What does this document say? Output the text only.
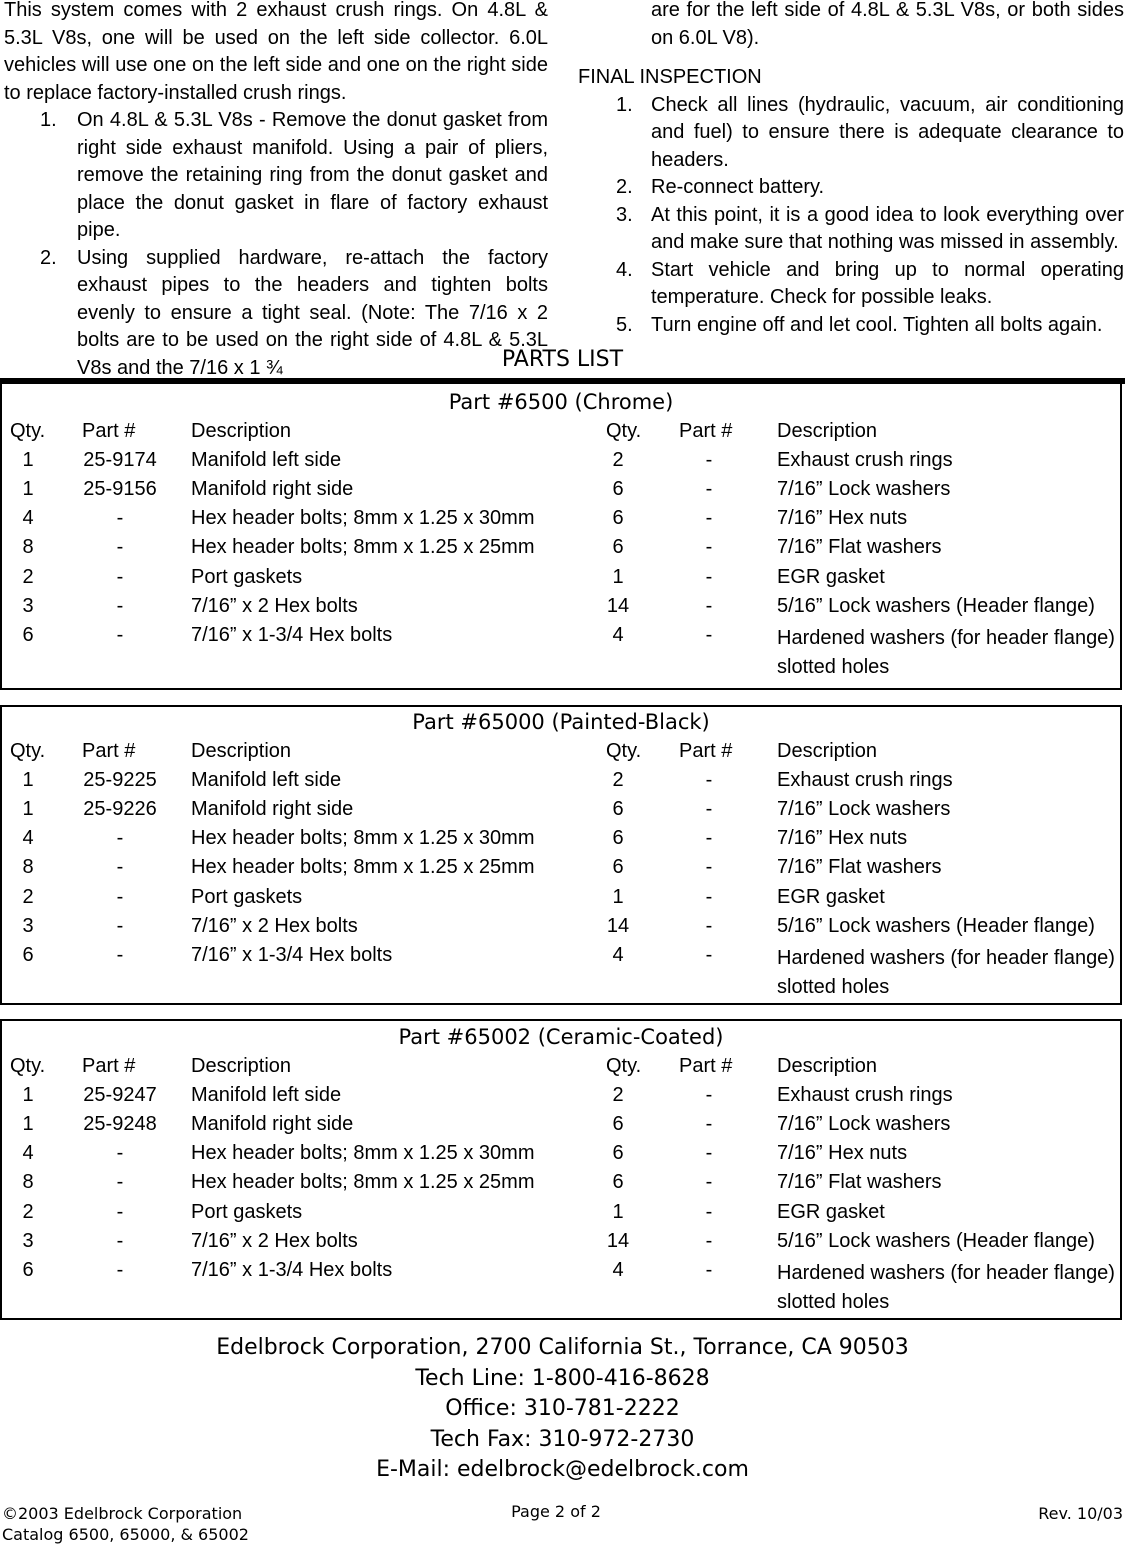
This system comes with 2 exhaust crush rings. On 4.8L & 5.3L V8s, one will be used on the left side collector. 6.0L vehicles will use one on the left side and one on the right side to replace factory-installed crush rings.

1. On 4.8L & 5.3L V8s - Remove the donut gasket from right side exhaust manifold. Using a pair of pliers, remove the retaining ring from the donut gasket and place the donut gasket in flare of factory exhaust pipe.
2. Using supplied hardware, re-attach the factory exhaust pipes to the headers and tighten bolts evenly to ensure a tight seal. (Note: The 7/16 x 2 bolts are to be used on the right side of 4.8L & 5.3L V8s and the 7/16 x 1 ¾
are for the left side of 4.8L & 5.3L V8s, or both sides on 6.0L V8).
FINAL INSPECTION
1. Check all lines (hydraulic, vacuum, air conditioning and fuel) to ensure there is adequate clearance to headers.
2. Re-connect battery.
3. At this point, it is a good idea to look everything over and make sure that nothing was missed in assembly.
4. Start vehicle and bring up to normal operating temperature. Check for possible leaks.
5. Turn engine off and let cool. Tighten all bolts again.
PARTS LIST
Part #6500 (Chrome)
Qty. Part #	Description	Qty. Part # Description
1	25-9174 Manifold left side	2	-	Exhaust crush rings
1	25-9156 Manifold right side	6	-	7/16” Lock washers
4	-	Hex header bolts; 8mm x 1.25 x 30mm	6	-	7/16” Hex nuts
8	-	Hex header bolts; 8mm x 1.25 x 25mm	6	-	7/16” Flat washers
2	-	Port gaskets	1	-	EGR gasket
3	-	7/16” x 2 Hex bolts	14	-	5/16” Lock washers (Header flange)
6	-	7/16” x 1-3/4 Hex bolts	4	-	Hardened washers (for header flange)
slotted holes
Part #65000 (Painted-Black)
Qty. Part #	Description	Qty. Part # Description
1	25-9225 Manifold left side	2	-	Exhaust crush rings
1	25-9226 Manifold right side	6	-	7/16” Lock washers
4	-	Hex header bolts; 8mm x 1.25 x 30mm	6	-	7/16” Hex nuts
8	-	Hex header bolts; 8mm x 1.25 x 25mm	6	-	7/16” Flat washers
2	-	Port gaskets	1	-	EGR gasket
3	-	7/16” x 2 Hex bolts	14	-	5/16” Lock washers (Header flange)
6	-	7/16” x 1-3/4 Hex bolts	4	-	Hardened washers (for header flange)
slotted holes
Part #65002 (Ceramic-Coated)
Qty. Part #	Description	Qty. Part # Description
1	25-9247 Manifold left side	2	-	Exhaust crush rings
1	25-9248 Manifold right side	6	-	7/16” Lock washers
4	-	Hex header bolts; 8mm x 1.25 x 30mm	6	-	7/16” Hex nuts
8	-	Hex header bolts; 8mm x 1.25 x 25mm	6	-	7/16” Flat washers
2	-	Port gaskets	1	-	EGR gasket
3	-	7/16” x 2 Hex bolts	14	-	5/16” Lock washers (Header flange)
6	-	7/16” x 1-3/4 Hex bolts	4	-	Hardened washers (for header flange)
slotted holes
Edelbrock Corporation, 2700 California St., Torrance, CA 90503
Tech Line: 1-800-416-8628
Office: 310-781-2222
Tech Fax: 310-972-2730
E-Mail: edelbrock@edelbrock.com
©2003 Edelbrock Corporation
Catalog 6500, 65000, & 65002
Page 2 of 2	Rev. 10/03
